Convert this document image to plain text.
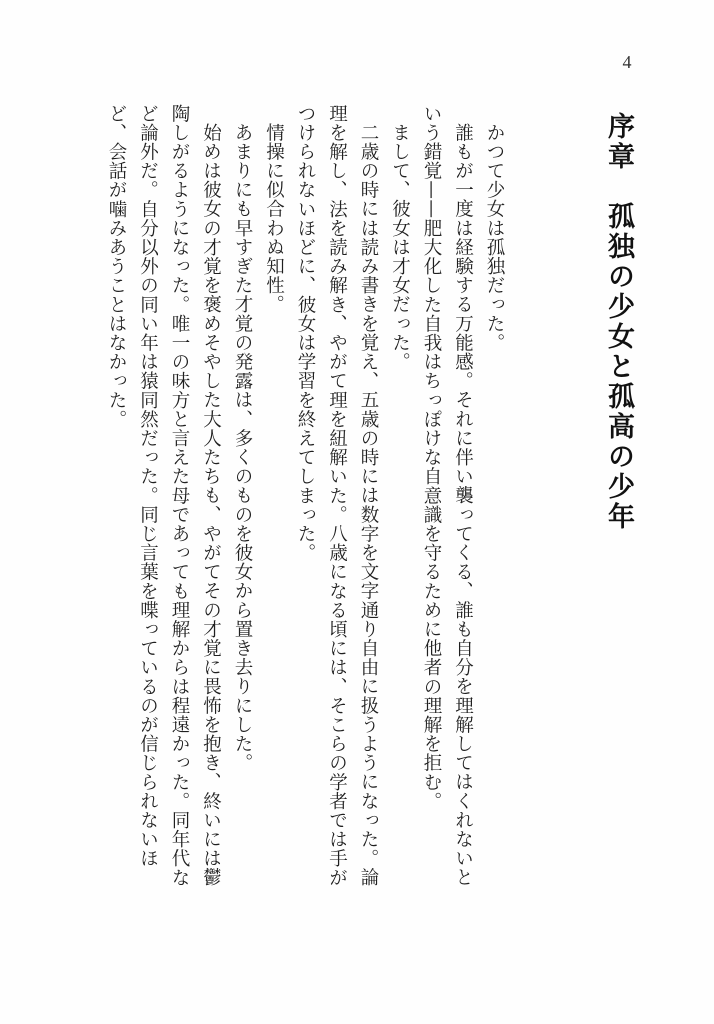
4
序章　孤独の少女と孤高の少年

かつて少女は孤独だった。

誰もが一度は経験する万能感。それに伴い襲ってくる、誰も自分を理解してはくれないという錯覚——肥大化した自我はちっぽけな自意識を守るために他者の理解を拒む。

まして、彼女は才女だった。

二歳の時には読み書きを覚え、五歳の時には数字を文字通り自由に扱うようになった。論理を解し、法を読み解き、やがて理を紐解いた。八歳になる頃には、そこらの学者では手がつけられないほどに、彼女は学習を終えてしまった。

情操に似合わぬ知性。

あまりにも早すぎた才覚の発露は、多くのものを彼女から置き去りにした。

始めは彼女の才覚を褒めそやした大人たちも、やがてその才覚に畏怖を抱き、終いには鬱陶しがるようになった。唯一の味方と言えた母であっても理解からは程遠かった。同年代など論外だ。自分以外の同い年は猿同然だった。同じ言葉を喋っているのが信じられないほど、会話が噛みあうことはなかった。
